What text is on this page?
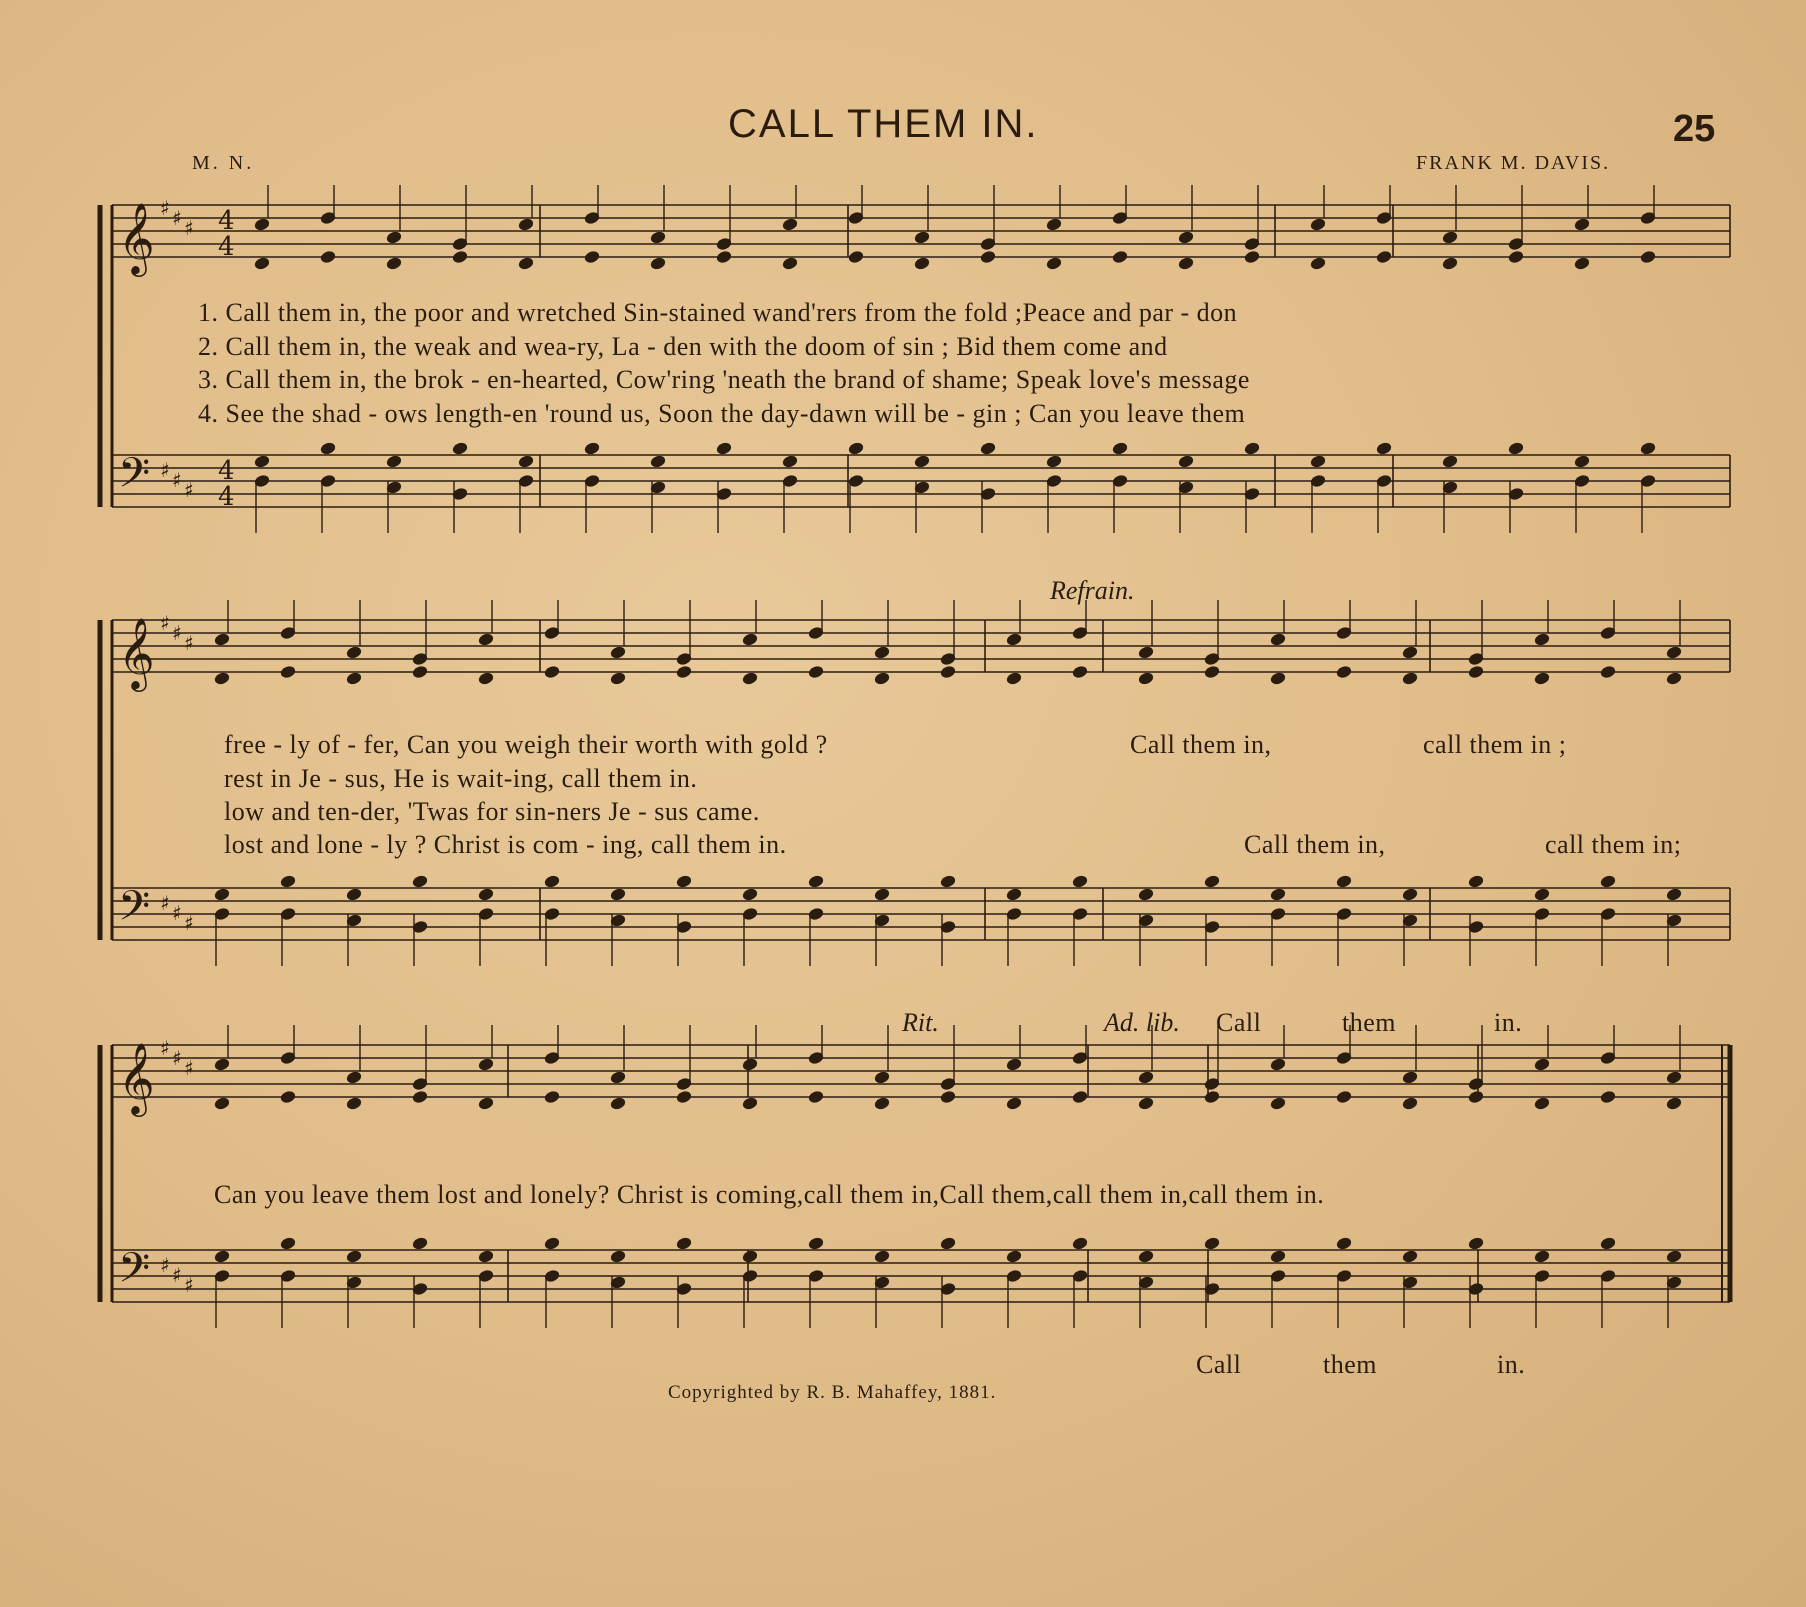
CALL THEM IN.	25
M. N.	FRANK M. DAVIS.
𝄞
𝄢
♯
♯
♯
♯
♯
♯
4
4
4
4
𝄞
𝄢
♯
♯
♯
♯
♯
♯
𝄞
𝄢
♯
♯
♯
♯
♯
♯
1. Call them in, the poor and wretched Sin-stained wand'rers from the fold ;Peace and par - don
2. Call them in, the weak and wea-ry, La - den with the doom of sin ; Bid them come and
3. Call them in, the brok - en-hearted, Cow'ring 'neath the brand of shame; Speak love's message
4. See the shad - ows length-en 'round us, Soon the day-dawn will be - gin ; Can you leave them
Refrain.
free - ly of - fer, Can you weigh their worth with gold ?
rest in Je - sus, He is wait-ing, call them in.
low and ten-der, 'Twas for sin-ners Je - sus came.
lost and lone - ly ? Christ is com - ing, call them in.
Call them in,	call them in ;
Call them in,	call them in;
Rit.	Ad. lib. Call	them	in.
Can you leave them lost and lonely? Christ is coming,call them in,Call them,call them in,call them in.
Call	them	in.
Copyrighted by R. B. Mahaffey, 1881.
